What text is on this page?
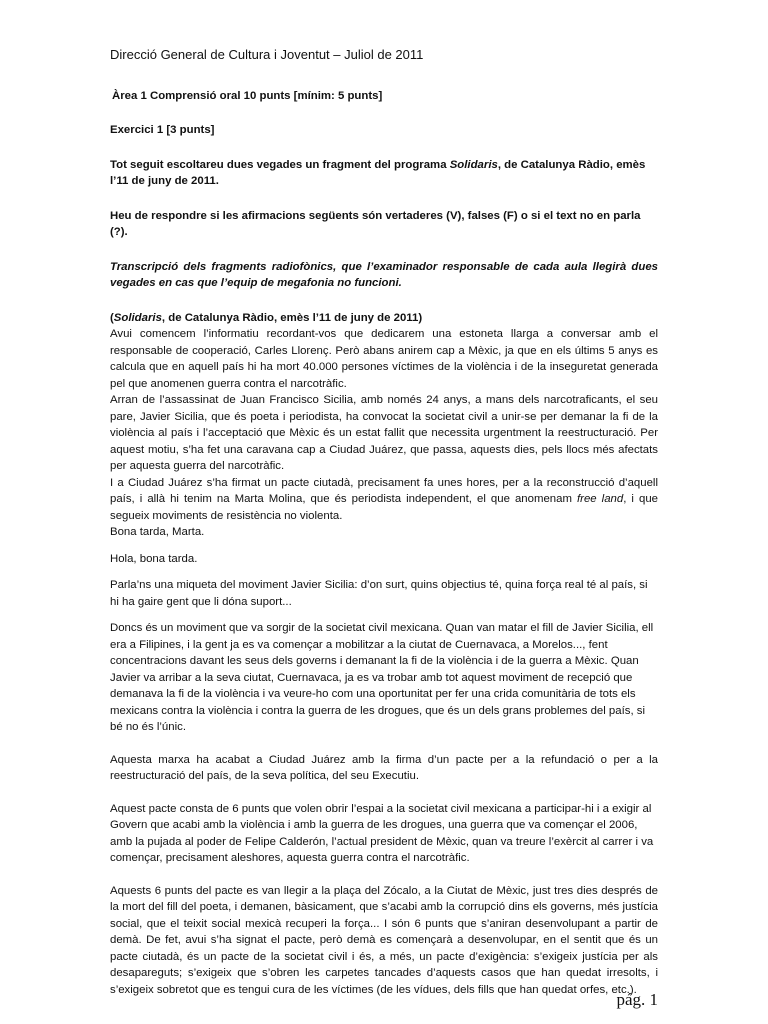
Direcció General de Cultura i Joventut – Juliol de 2011

Àrea 1 Comprensió oral 10 punts [mínim: 5 punts]

Exercici 1 [3 punts]

Tot seguit escoltareu dues vegades un fragment del programa Solidaris, de Catalunya Ràdio, emès l’11 de juny de 2011.

Heu de respondre si les afirmacions següents són vertaderes (V), falses (F) o si el text no en parla (?).

Transcripció dels fragments radiofònics, que l’examinador responsable de cada aula llegirà dues vegades en cas que l’equip de megafonia no funcioni.

(Solidaris, de Catalunya Ràdio, emès l’11 de juny de 2011)

Avui comencem l’informatiu recordant-vos que dedicarem una estoneta llarga a conversar amb el responsable de cooperació, Carles Llorenç. Però abans anirem cap a Mèxic, ja que en els últims 5 anys es calcula que en aquell país hi ha mort 40.000 persones víctimes de la violència i de la inseguretat generada pel que anomenen guerra contra el narcotràfic.

Arran de l’assassinat de Juan Francisco Sicilia, amb només 24 anys, a mans dels narcotraficants, el seu pare, Javier Sicilia, que és poeta i periodista, ha convocat la societat civil a unir-se per demanar la fi de la violència al país i l’acceptació que Mèxic és un estat fallit que necessita urgentment la reestructuració. Per aquest motiu, s’ha fet una caravana cap a Ciudad Juárez, que passa, aquests dies, pels llocs més afectats per aquesta guerra del narcotràfic.

I a Ciudad Juárez s’ha firmat un pacte ciutadà, precisament fa unes hores, per a la reconstrucció d’aquell país, i allà hi tenim na Marta Molina, que és periodista independent, el que anomenam free land, i que segueix moviments de resistència no violenta.

Bona tarda, Marta.

Hola, bona tarda.

Parla’ns una miqueta del moviment Javier Sicilia: d’on surt, quins objectius té, quina força real té al país, si hi ha gaire gent que li dóna suport...

Doncs és un moviment que va sorgir de la societat civil mexicana. Quan van matar el fill de Javier Sicilia, ell era a Filipines, i la gent ja es va començar a mobilitzar a la ciutat de Cuernavaca, a Morelos..., fent concentracions davant les seus dels governs i demanant la fi de la violència i de la guerra a Mèxic. Quan Javier va arribar a la seva ciutat, Cuernavaca, ja es va trobar amb tot aquest moviment de recepció que demanava la fi de la violència i va veure-ho com una oportunitat per fer una crida comunitària de tots els mexicans contra la violència i contra la guerra de les drogues, que és un dels grans problemes del país, si bé no és l’únic.

Aquesta marxa ha acabat a Ciudad Juárez amb la firma d’un pacte per a la refundació o per a la reestructuració del país, de la seva política, del seu Executiu.

Aquest pacte consta de 6 punts que volen obrir l’espai a la societat civil mexicana a participar-hi i a exigir al Govern que acabi amb la violència i amb la guerra de les drogues, una guerra que va començar el 2006, amb la pujada al poder de Felipe Calderón, l’actual president de Mèxic, quan va treure l’exèrcit al carrer i va començar, precisament aleshores, aquesta guerra contra el narcotràfic.

Aquests 6 punts del pacte es van llegir a la plaça del Zócalo, a la Ciutat de Mèxic, just tres dies després de la mort del fill del poeta, i demanen, bàsicament, que s’acabi amb la corrupció dins els governs, més justícia social, que el teixit social mexicà recuperi la força... I són 6 punts que s’aniran desenvolupant a partir de demà. De fet, avui s’ha signat el pacte, però demà es començarà a desenvolupar, en el sentit que és un pacte ciutadà, és un pacte de la societat civil i és, a més, un pacte d’exigència: s’exigeix justícia per als desapareguts; s’exigeix que s’obren les carpetes tancades d’aquests casos que han quedat irresolts, i s’exigeix sobretot que es tengui cura de les víctimes (de les vídues, dels fills que han quedat orfes, etc.).

pág. 1
